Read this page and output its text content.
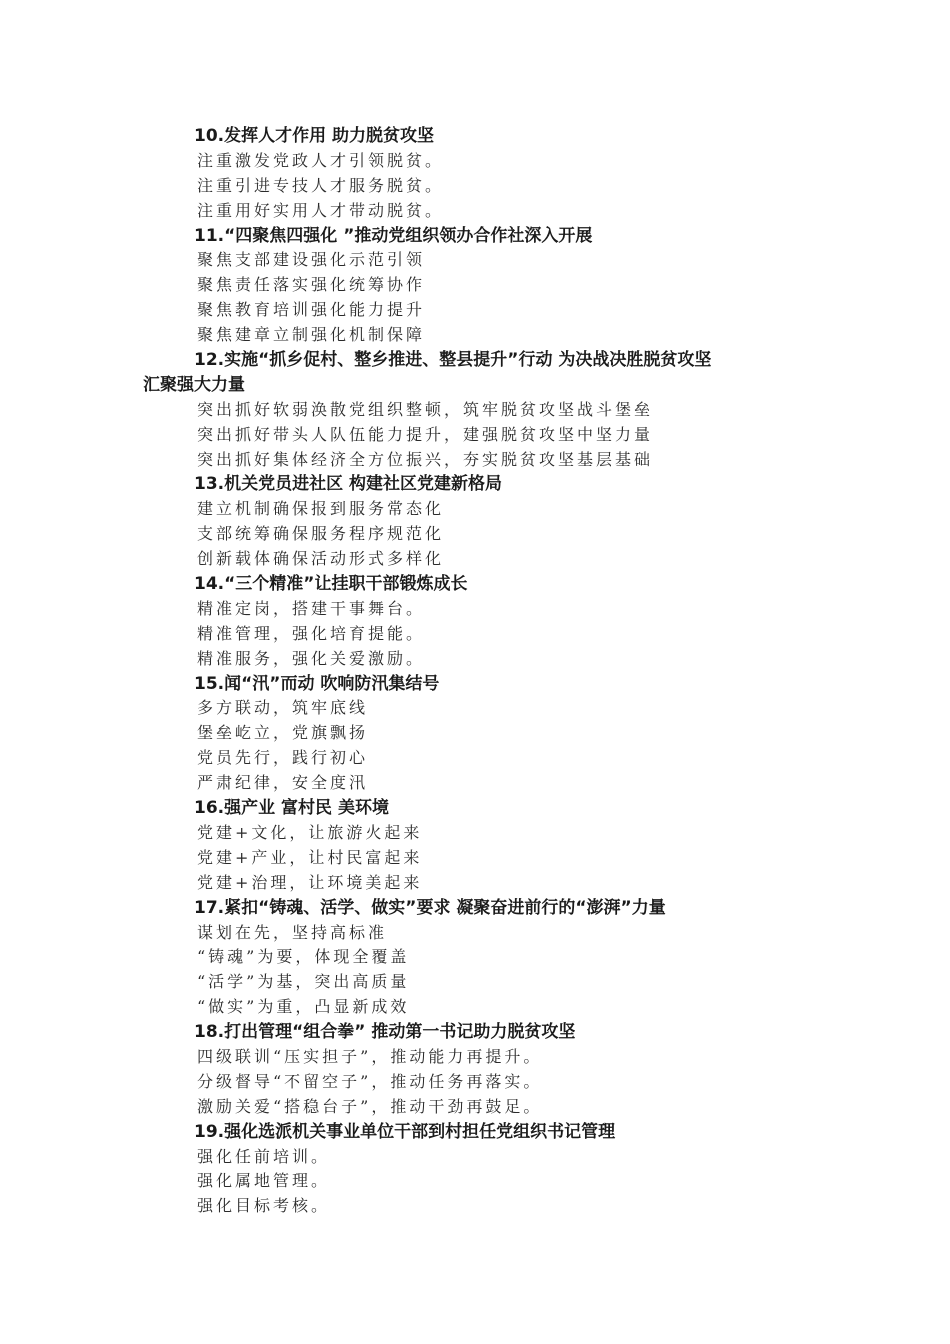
10.发挥人才作用 助力脱贫攻坚
注重激发党政人才引领脱贫。
注重引进专技人才服务脱贫。
注重用好实用人才带动脱贫。
11.“四聚焦四强化 ”推动党组织领办合作社深入开展
聚焦支部建设强化示范引领
聚焦责任落实强化统筹协作
聚焦教育培训强化能力提升
聚焦建章立制强化机制保障
12.实施“抓乡促村、整乡推进、整县提升”行动 为决战决胜脱贫攻坚
汇聚强大力量
突出抓好软弱涣散党组织整顿，筑牢脱贫攻坚战斗堡垒
突出抓好带头人队伍能力提升，建强脱贫攻坚中坚力量
突出抓好集体经济全方位振兴，夯实脱贫攻坚基层基础
13.机关党员进社区 构建社区党建新格局
建立机制确保报到服务常态化
支部统筹确保服务程序规范化
创新载体确保活动形式多样化
14.“三个精准”让挂职干部锻炼成长
精准定岗，搭建干事舞台。
精准管理，强化培育提能。
精准服务，强化关爱激励。
15.闻“汛”而动 吹响防汛集结号
多方联动，筑牢底线
堡垒屹立，党旗飘扬
党员先行，践行初心
严肃纪律，安全度汛
16.强产业 富村民 美环境
党建+文化，让旅游火起来
党建+产业，让村民富起来
党建+治理，让环境美起来
17.紧扣“铸魂、活学、做实”要求 凝聚奋进前行的“澎湃”力量
谋划在先，坚持高标准
“铸魂”为要，体现全覆盖
“活学”为基，突出高质量
“做实”为重，凸显新成效
18.打出管理“组合拳” 推动第一书记助力脱贫攻坚
四级联训“压实担子”，推动能力再提升。
分级督导“不留空子”，推动任务再落实。
激励关爱“搭稳台子”，推动干劲再鼓足。
19.强化选派机关事业单位干部到村担任党组织书记管理
强化任前培训。
强化属地管理。
强化目标考核。
